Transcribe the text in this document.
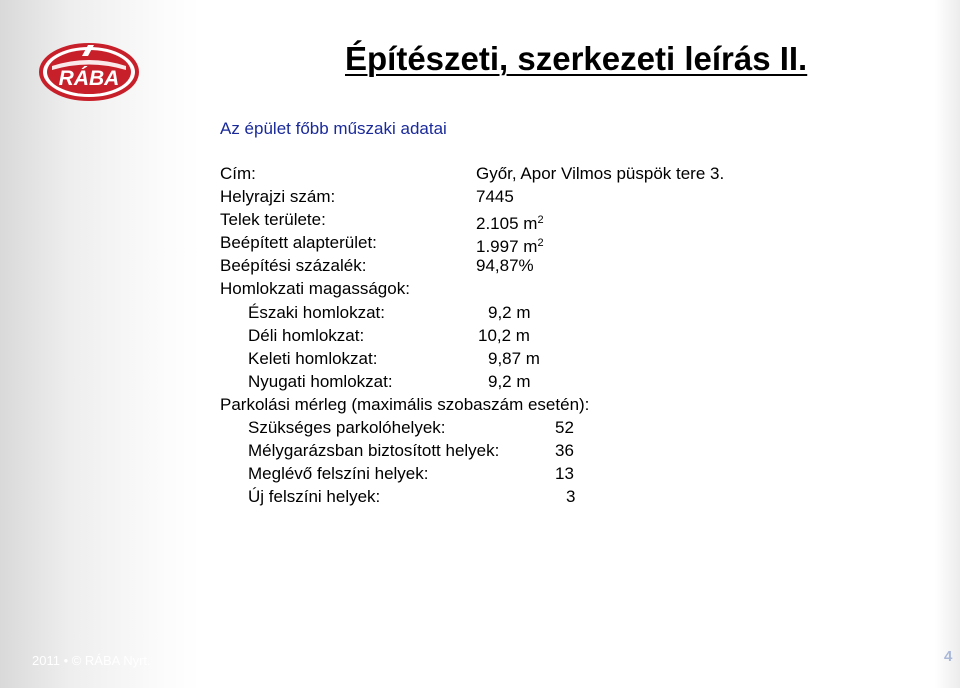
RÁBA
Építészeti, szerkezeti leírás II.
Az épület főbb műszaki adatai
Cím:	Győr, Apor Vilmos püspök tere 3.
Helyrajzi szám:	7445
Telek területe:	2.105 $m^2$
Beépített alapterület:	1.997 $m^2$
Beépítési százalék:	94,87%
Homlokzati magasságok:
Északi homlokzat:	9,2 m
Déli homlokzat:	10,2 m
Keleti homlokzat:	9,87 m
Nyugati homlokzat:	9,2 m
Parkolási mérleg (maximális szobaszám esetén):
Szükséges parkolóhelyek:	52
Mélygarázsban biztosított helyek:	36
Meglévő felszíni helyek:	13
Új felszíni helyek:	3
2011 • © RÁBA Nyrt.	4
